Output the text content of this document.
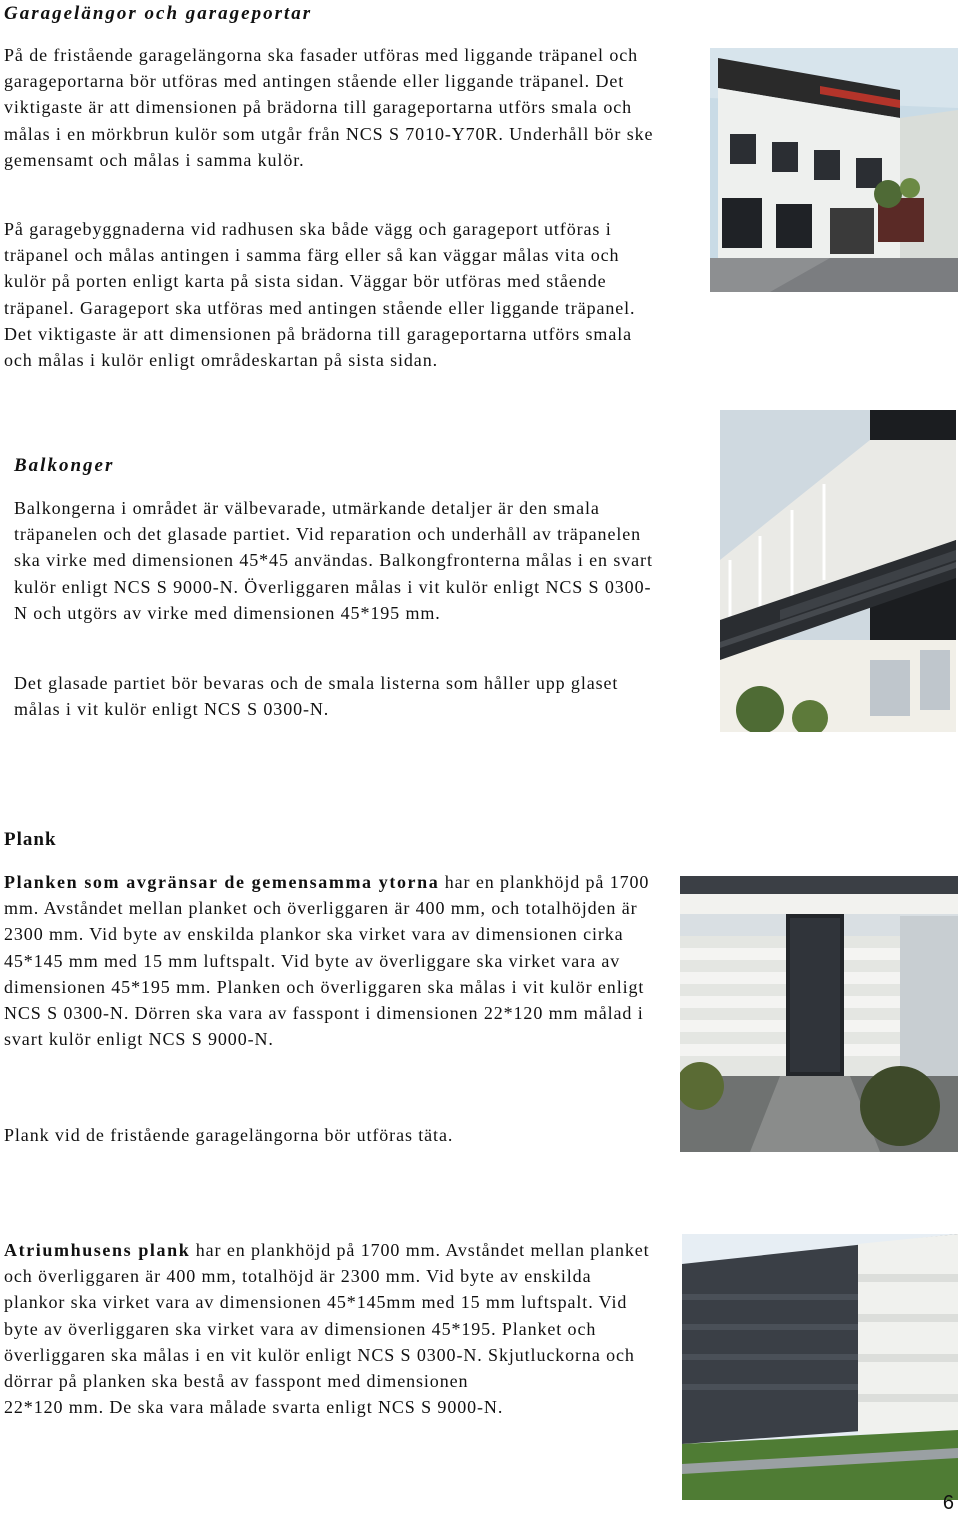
Garagelängor och garageportar

På de fristående garagelängorna ska fasader utföras med liggande träpanel och garageportarna bör utföras med antingen stående eller liggande träpanel. Det viktigaste är att dimensionen på brädorna till garageportarna utförs smala och målas i en mörkbrun kulör som utgår från NCS S 7010-Y70R. Underhåll bör ske gemensamt och målas i samma kulör.

På garagebyggnaderna vid radhusen ska både vägg och garageport utföras i träpanel och målas antingen i samma färg eller så kan väggar målas vita och kulör på porten enligt karta på sista sidan. Väggar bör utföras med stående träpanel. Garageport ska utföras med antingen stående eller liggande träpanel. Det viktigaste är att dimensionen på brädorna till garageportarna utförs smala och målas i kulör enligt områdeskartan på sista sidan.

Balkonger

Balkongerna i området är välbevarade, utmärkande detaljer är den smala träpanelen och det glasade partiet. Vid reparation och underhåll av träpanelen ska virke med dimensionen 45*45 användas. Balkongfronterna målas i en svart kulör enligt NCS S 9000-N. Överliggaren målas i vit kulör enligt NCS S 0300-N och utgörs av virke med dimensionen 45*195 mm.

Det glasade partiet bör bevaras och de smala listerna som håller upp glaset målas i vit kulör enligt NCS S 0300-N.

Plank

Planken som avgränsar de gemensamma ytorna har en plankhöjd på 1700 mm. Avståndet mellan planket och överliggaren är 400 mm, och totalhöjden är 2300 mm. Vid byte av enskilda plankor ska virket vara av dimensionen cirka 45*145 mm med 15 mm luftspalt. Vid byte av överliggare ska virket vara av dimensionen 45*195 mm. Planken och överliggaren ska målas i vit kulör enligt NCS S 0300-N. Dörren ska vara av fasspont i dimensionen 22*120 mm målad i svart kulör enligt NCS S 9000-N.

Plank vid de fristående garagelängorna bör utföras täta.

Atriumhusens plank har en plankhöjd på 1700 mm. Avståndet mellan planket och överliggaren är 400 mm, totalhöjd är 2300 mm. Vid byte av enskilda plankor ska virket vara av dimensionen 45*145mm med 15 mm luftspalt. Vid byte av överliggaren ska virket vara av dimensionen 45*195. Planket och överliggaren ska målas i en vit kulör enligt NCS S 0300-N. Skjutluckorna och dörrar på planken ska bestå av fasspont med dimensionen
22*120 mm. De ska vara målade svarta enligt NCS S 9000-N.

6
